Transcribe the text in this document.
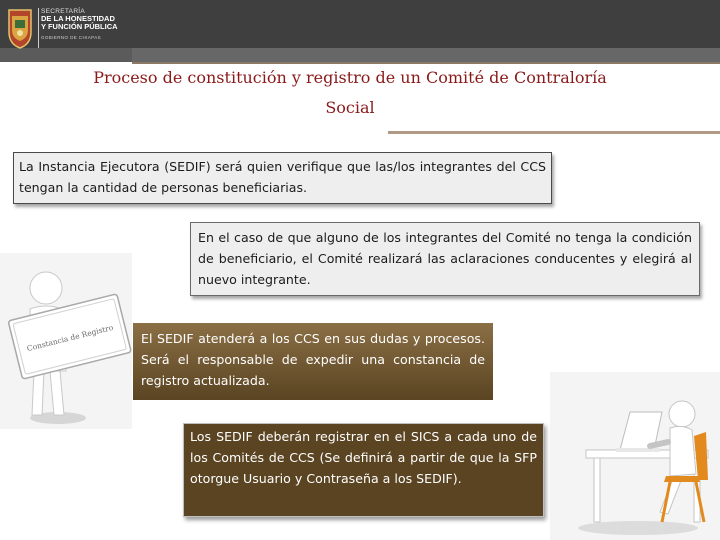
SECRETARÍA
DE LA HONESTIDAD
Y FUNCIÓN PÚBLICA
GOBIERNO DE CHIAPAS
Proceso de constitución y registro de un Comité de Contraloría
Social
La Instancia Ejecutora (SEDIF) será quien verifique que las/los integrantes del CCS tengan la cantidad de personas beneficiarias.
En el caso de que alguno de los integrantes del Comité no tenga la condición de beneficiario, el Comité realizará las aclaraciones conducentes y elegirá al nuevo integrante.
Constancia de Registro	El SEDIF atenderá a los CCS en sus dudas y procesos. Será el responsable de expedir una constancia de registro actualizada.
Los SEDIF deberán registrar en el SICS a cada uno de los Comités de CCS (Se definirá a partir de que la SFP otorgue Usuario y Contraseña a los SEDIF).
